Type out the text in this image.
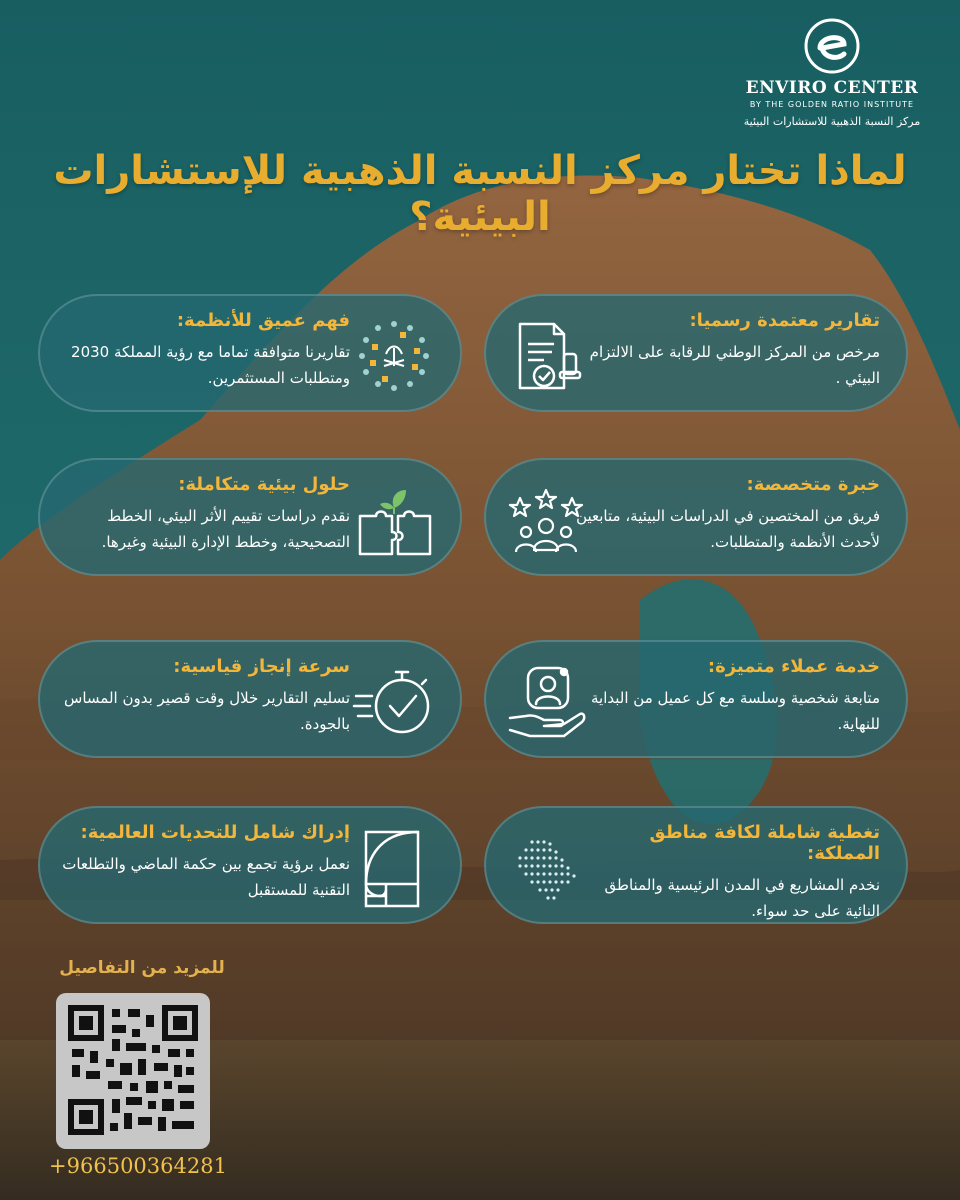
ENVIRO CENTER
BY THE GOLDEN RATIO INSTITUTE
مركز النسبة الذهبية للاستشارات البيئية
لماذا تختار مركز النسبة الذهبية للإستشارات البيئية؟
تقارير معتمدة رسميا:

مرخص من المركز الوطني للرقابة على الالتزام البيئي .

فهم عميق للأنظمة:

تقاريرنا متوافقة تماما مع رؤية المملكة 2030 ومتطلبات المستثمرين.

خبرة متخصصة:

فريق من المختصين في الدراسات البيئية، متابعين لأحدث الأنظمة والمتطلبات.

حلول بيئية متكاملة:

نقدم دراسات تقييم الأثر البيئي، الخطط التصحيحية، وخطط الإدارة البيئية وغيرها.

خدمة عملاء متميزة:

متابعة شخصية وسلسة مع كل عميل من البداية للنهاية.

سرعة إنجاز قياسية:

تسليم التقارير خلال وقت قصير بدون المساس بالجودة.

تغطية شاملة لكافة مناطق المملكة:

نخدم المشاريع في المدن الرئيسية والمناطق النائية على حد سواء.

إدراك شامل للتحديات العالمية:

نعمل برؤية تجمع بين حكمة الماضي والتطلعات التقنية للمستقبل

للمزيد من التفاصيل
+966500364281
